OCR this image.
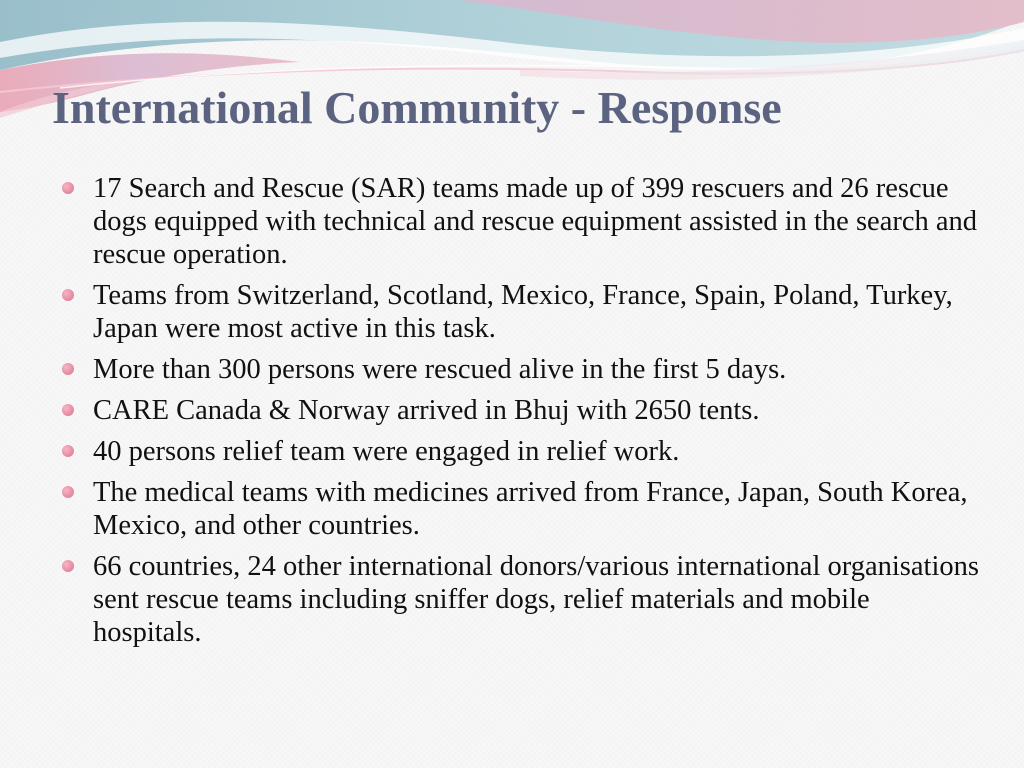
International Community - Response
17 Search and Rescue (SAR) teams made up of 399 rescuers and 26 rescue dogs equipped with technical and rescue equipment assisted in the search and rescue operation.
Teams from Switzerland, Scotland, Mexico, France, Spain, Poland, Turkey, Japan were most active in this task.
More than 300 persons were rescued alive in the first 5 days.
CARE Canada & Norway arrived in Bhuj with 2650 tents.
40 persons relief team were engaged in relief work.
The medical teams with medicines arrived from France, Japan, South Korea, Mexico, and other countries.
66 countries, 24 other international donors/various international organisations sent rescue teams including sniffer dogs, relief materials and mobile hospitals.
